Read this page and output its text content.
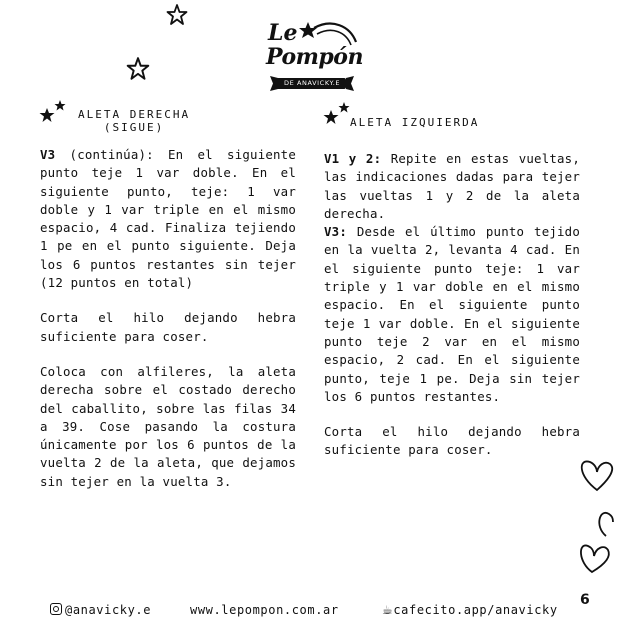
Le
Pompón
DE ANAVICKY.E
ALETA DERECHA
(SIGUE)	ALETA IZQUIERDA

V3 (continúa): En el siguiente punto teje 1 var doble. En el siguiente punto, teje: 1 var doble y 1 var triple en el mismo espacio, 4 cad. Finaliza tejiendo 1 pe en el punto siguiente. Deja los 6 puntos restantes sin tejer (12 puntos en total)

Corta el hilo dejando hebra suficiente para coser.

Coloca con alfileres, la aleta derecha sobre el costado derecho del caballito, sobre las filas 34 a 39. Cose pasando la costura únicamente por los 6 puntos de la vuelta 2 de la aleta, que dejamos sin tejer en la vuelta 3.

V1 y 2: Repite en estas vueltas, las indicaciones dadas para tejer las vueltas 1 y 2 de la aleta derecha.

V3: Desde el último punto tejido en la vuelta 2, levanta 4 cad. En el siguiente punto teje: 1 var triple y 1 var doble en el mismo espacio. En el siguiente punto teje 1 var doble. En el siguiente punto teje 2 var en el mismo espacio, 2 cad. En el siguiente punto, teje 1 pe. Deja sin tejer los 6 puntos restantes.

Corta el hilo dejando hebra suficiente para coser.

@anavicky.e	www.lepompon.com.ar	☕cafecito.app/anavicky
6
